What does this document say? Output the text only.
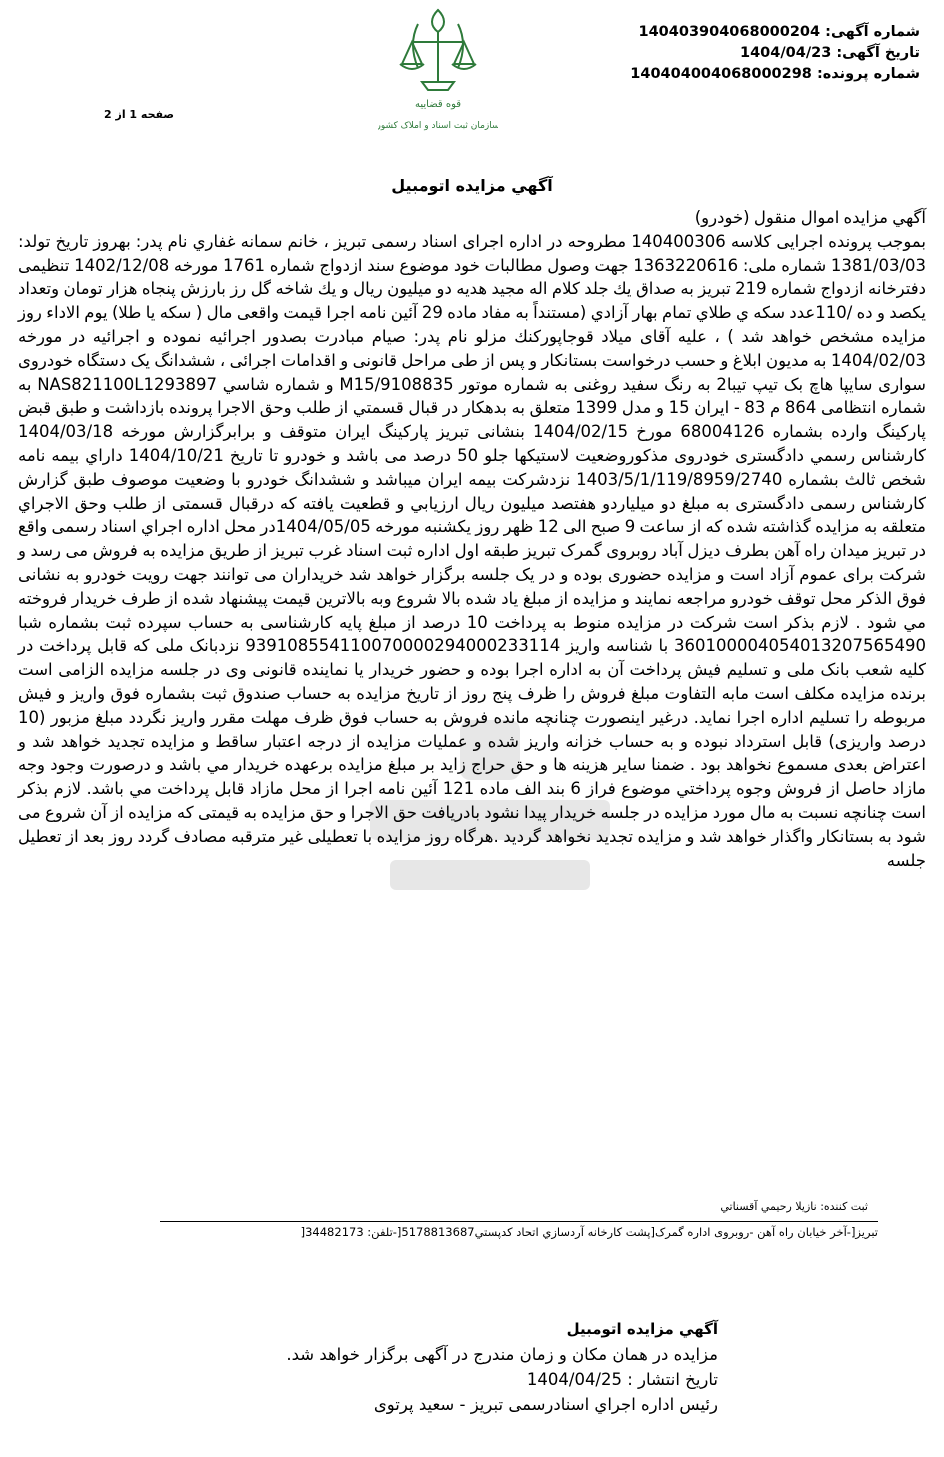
قوه قضاییه
سازمان ثبت اسناد و املاک کشور
شماره آگهی: 140403904068000204
تاریخ آگهی: 1404/04/23
شماره پرونده: 140404004068000298
صفحه 1 از 2
آگهي مزايده اتومبيل

آگهي مزايده اموال منقول (خودرو)

بموجب پرونده اجرایی کلاسه 140400306 مطروحه در اداره اجرای اسناد رسمی تبریز ، خانم سمانه غفاري نام پدر: بهروز تاريخ تولد: 1381/03/03 شماره ملی: 1363220616 جهت وصول مطالبات خود موضوع سند ازدواج شماره 1761 مورخه 1402/12/08 تنظیمی دفترخانه ازدواج شماره 219 تبریز به صداق يك جلد كلام اله مجيد هديه دو ميليون ريال و يك شاخه گل رز بارزش پنجاه هزار تومان وتعداد يكصد و ده /110عدد سكه ي طلاي تمام بهار آزادي (مستنداً به مفاد ماده 29 آئین نامه اجرا قیمت واقعی مال ( سکه یا طلا) یوم الاداء روز مزایده مشخص خواهد شد ) ، علیه آقای میلاد قوجاپورکنك مزلو نام پدر: صیام مبادرت بصدور اجرائیه نموده و اجرائیه در مورخه 1404/02/03 به مدیون ابلاغ و حسب درخواست بستانکار و پس از طی مراحل قانونی و اقدامات اجرائی ، ششدانگ یک دستگاه خودروی سواری سایپا هاچ بک تیپ تیبا2 به رنگ سفید روغنی به شماره موتور M15/9108835 و شماره شاسي NAS821100L1293897 به شماره انتظامی 864 م 83 - ایران 15 و مدل 1399 متعلق به بدهکار در قبال قسمتي از طلب وحق الاجرا پرونده بازداشت و طبق قبض پارکینگ وارده بشماره 68004126 مورخ 1404/02/15 بنشانی تبریز پارکینگ ایران متوقف و برابرگزارش مورخه 1404/03/18 کارشناس رسمي دادگستری خودروی مذكوروضعیت لاستیکها جلو 50 درصد می باشد و خودرو تا تاریخ 1404/10/21 داراي بیمه نامه شخص ثالث بشماره 1403/5/1/119/8959/2740 نزدشرکت بیمه ایران میباشد و ششدانگ خودرو با وضعیت موصوف طبق گزارش کارشناس رسمی دادگستری به مبلغ دو میلیاردو هفتصد میلیون ریال ارزیابي و قطعیت یافته که درقبال قسمتی از طلب وحق الاجراي متعلقه به مزايده گذاشته شده كه از ساعت 9 صبح الی 12 ظهر روز یکشنبه مورخه 1404/05/05در محل اداره اجراي اسناد رسمی واقع در تبريز میدان راه آهن بطرف دیزل آباد روبروی گمرک تبریز طبقه اول اداره ثبت اسناد غرب تبریز از طريق مزايده به فروش می رسد و شرکت برای عموم آزاد است و مزايده حضوری بوده و در یک جلسه برگزار خواهد شد خريداران می توانند جهت رويت خودرو به نشانی فوق الذكر محل توقف خودرو مراجعه نمايند و مزايده از مبلغ یاد شده بالا شروع وبه بالاترين قيمت پيشنهاد شده از طرف خريدار فروخته مي شود . لازم بذکر است شرکت در مزایده منوط به پرداخت 10 درصد از مبلغ پایه کارشناسی به حساب سپرده ثبت بشماره شبا 360100004054013207565490 با شناسه واریز 939108554110070000294000233114 نزدبانک ملی که قابل پرداخت در کلیه شعب بانک ملی و تسلیم فیش پرداخت آن به اداره اجرا بوده و حضور خریدار یا نماینده قانونی وی در جلسه مزایده الزامی است برنده مزایده مکلف است مابه التفاوت مبلغ فروش را ظرف پنج روز از تاریخ مزایده به حساب صندوق ثبت بشماره فوق واریز و فیش مربوطه را تسلیم اداره اجرا نماید. درغیر اینصورت چنانچه مانده فروش به حساب فوق ظرف مهلت مقرر واریز نگردد مبلغ مزبور (10 درصد واریزی) قابل استرداد نبوده و به حساب خزانه واریز شده و عملیات مزایده از درجه اعتبار ساقط و مزایده تجدید خواهد شد و اعتراض بعدی مسموع نخواهد بود . ضمنا سایر هزینه ها و حق حراج زاید بر مبلغ مزایده برعهده خريدار مي باشد و درصورت وجود وجه مازاد حاصل از فروش وجوه پرداختي موضوع فراز 6 بند الف ماده 121 آئین نامه اجرا از محل مازاد قابل پرداخت مي باشد. لازم بذکر است چنانچه نسبت به مال مورد مزایده در جلسه خریدار پیدا نشود بادریافت حق الاجرا و حق مزایده به قیمتی که مزایده از آن شروع می شود به بستانکار واگذار خواهد شد و مزایده تجدید نخواهد گردید .هرگاه روز مزایده با تعطیلی غیر مترقبه مصادف گردد روز بعد از تعطیل جلسه

ثبت کننده: نازیلا رحیمي آقسناتي
تبریز[-آخر خیابان راه آهن -روبروی اداره گمرک[پشت کارخانه آردسازي اتحاد کدپستي5178813687[-تلفن: 34482173[
آگهي مزايده اتومبيل
مزايده در همان مكان و زمان مندرج در آگهی برگزار خواهد شد.
تاريخ انتشار : 1404/04/25
رئيس اداره اجراي اسنادرسمی تبریز - سعید پرتوی
